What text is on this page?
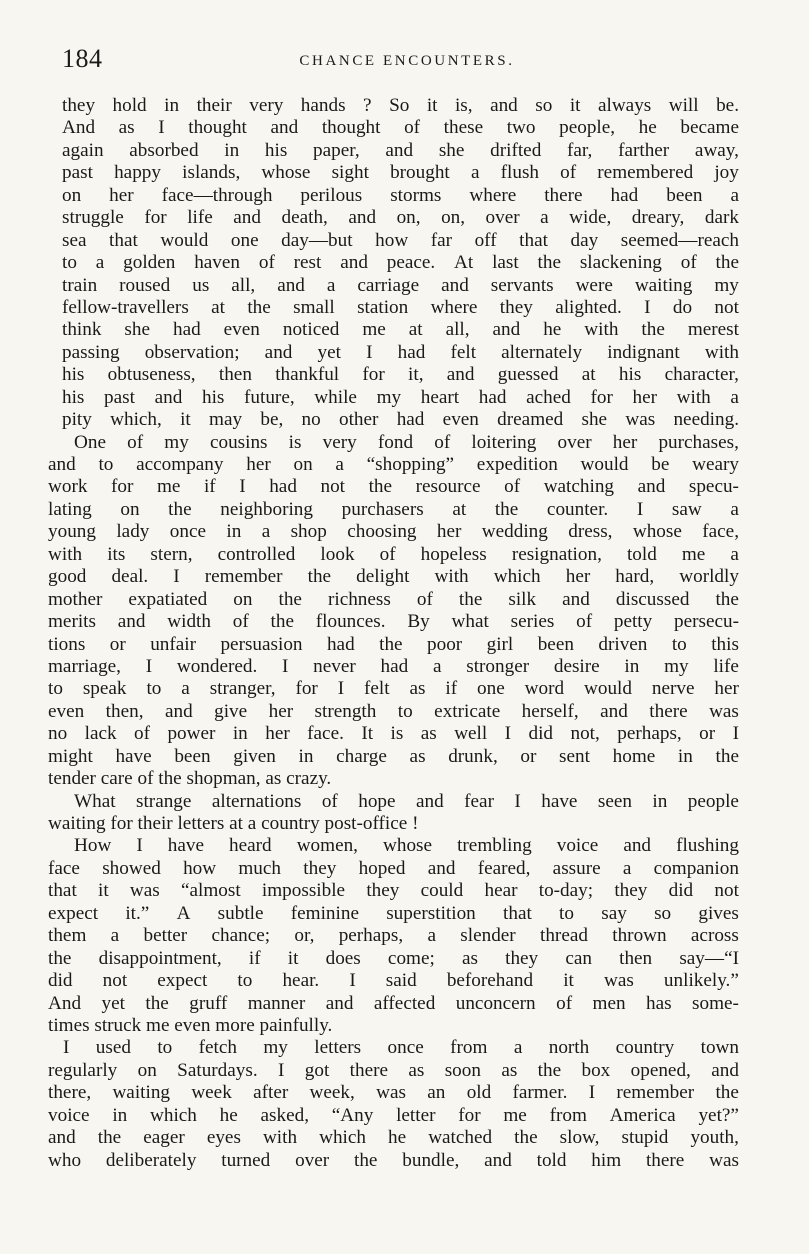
184	CHANCE ENCOUNTERS.
they hold in their very hands ? So it is, and so it always will be.
And as I thought and thought of these two people, he became
again absorbed in his paper, and she drifted far, farther away,
past happy islands, whose sight brought a flush of remembered joy
on her face—through perilous storms where there had been a
struggle for life and death, and on, on, over a wide, dreary, dark
sea that would one day—but how far off that day seemed—reach
to a golden haven of rest and peace. At last the slackening of the
train roused us all, and a carriage and servants were waiting my
fellow-travellers at the small station where they alighted. I do not
think she had even noticed me at all, and he with the merest
passing observation; and yet I had felt alternately indignant with
his obtuseness, then thankful for it, and guessed at his character,
his past and his future, while my heart had ached for her with a
pity which, it may be, no other had even dreamed she was needing.
One of my cousins is very fond of loitering over her purchases,
and to accompany her on a “shopping” expedition would be weary
work for me if I had not the resource of watching and specu-
lating on the neighboring purchasers at the counter. I saw a
young lady once in a shop choosing her wedding dress, whose face,
with its stern, controlled look of hopeless resignation, told me a
good deal. I remember the delight with which her hard, worldly
mother expatiated on the richness of the silk and discussed the
merits and width of the flounces. By what series of petty persecu-
tions or unfair persuasion had the poor girl been driven to this
marriage, I wondered. I never had a stronger desire in my life
to speak to a stranger, for I felt as if one word would nerve her
even then, and give her strength to extricate herself, and there was
no lack of power in her face. It is as well I did not, perhaps, or I
might have been given in charge as drunk, or sent home in the
tender care of the shopman, as crazy.
What strange alternations of hope and fear I have seen in people
waiting for their letters at a country post-office !
How I have heard women, whose trembling voice and flushing
face showed how much they hoped and feared, assure a companion
that it was “almost impossible they could hear to-day; they did not
expect it.” A subtle feminine superstition that to say so gives
them a better chance; or, perhaps, a slender thread thrown across
the disappointment, if it does come; as they can then say—“I
did not expect to hear. I said beforehand it was unlikely.”
And yet the gruff manner and affected unconcern of men has some-
times struck me even more painfully.
I used to fetch my letters once from a north country town
regularly on Saturdays. I got there as soon as the box opened, and
there, waiting week after week, was an old farmer. I remember the
voice in which he asked, “Any letter for me from America yet?”
and the eager eyes with which he watched the slow, stupid youth,
who deliberately turned over the bundle, and told him there was
